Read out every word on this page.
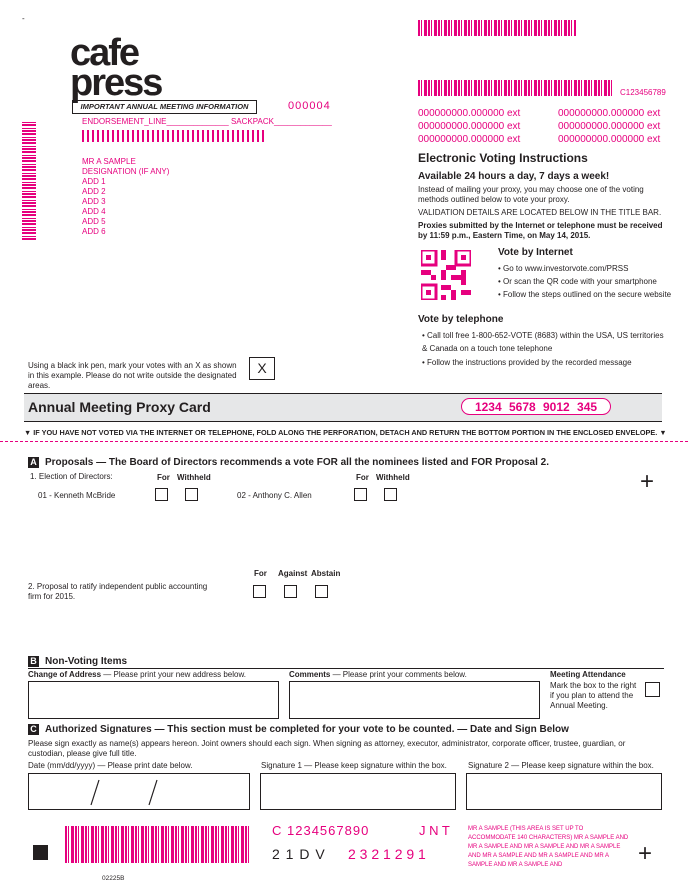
-
C123456789
cafe
press
IMPORTANT ANNUAL MEETING INFORMATION	000004
ENDORSEMENT_LINE______________ SACKPACK_____________
MR A SAMPLE
DESIGNATION (IF ANY)
ADD 1
ADD 2
ADD 3
ADD 4
ADD 5
ADD 6
000000000.000000 ext	000000000.000000 ext
000000000.000000 ext	000000000.000000 ext
000000000.000000 ext	000000000.000000 ext
Electronic Voting Instructions
Available 24 hours a day, 7 days a week!
Instead of mailing your proxy, you may choose one of the voting methods outlined below to vote your proxy.
VALIDATION DETAILS ARE LOCATED BELOW IN THE TITLE BAR.
Proxies submitted by the Internet or telephone must be received by 11:59 p.m., Eastern Time, on May 14, 2015.
Vote by Internet
• Go to www.investorvote.com/PRSS
• Or scan the QR code with your smartphone
• Follow the steps outlined on the secure website
Vote by telephone
• Call toll free 1-800-652-VOTE (8683) within the USA, US territories & Canada on a touch tone telephone
• Follow the instructions provided by the recorded message
Using a black ink pen, mark your votes with an X as shown in this example. Please do not write outside the designated areas.
X
Annual Meeting Proxy Card	1234 5678 9012 345
▼ IF YOU HAVE NOT VOTED VIA THE INTERNET OR TELEPHONE, FOLD ALONG THE PERFORATION, DETACH AND RETURN THE BOTTOM PORTION IN THE ENCLOSED ENVELOPE. ▼
A Proposals — The Board of Directors recommends a vote FOR all the nominees listed and FOR Proposal 2.
1. Election of Directors:	For Withheld
01 - Kenneth McBride
For Withheld
02 - Anthony C. Allen
+
2. Proposal to ratify independent public accounting firm for 2015.
For Against Abstain
B Non-Voting Items
Change of Address — Please print your new address below.	Comments — Please print your comments below.	Meeting Attendance
Mark the box to the right if you plan to attend the Annual Meeting.
C Authorized Signatures — This section must be completed for your vote to be counted. — Date and Sign Below
Please sign exactly as name(s) appears hereon. Joint owners should each sign. When signing as attorney, executor, administrator, corporate officer, trustee, guardian, or custodian, please give full title.
Date (mm/dd/yyyy) — Please print date below.	Signature 1 — Please keep signature within the box.	Signature 2 — Please keep signature within the box.
C 1234567890	J N T
2 1 D V 2 3 2 1 2 9 1
MR A SAMPLE (THIS AREA IS SET UP TO ACCOMMODATE 140 CHARACTERS) MR A SAMPLE AND MR A SAMPLE AND MR A SAMPLE AND MR A SAMPLE AND MR A SAMPLE AND MR A SAMPLE AND MR A SAMPLE AND MR A SAMPLE AND	+
02225B
